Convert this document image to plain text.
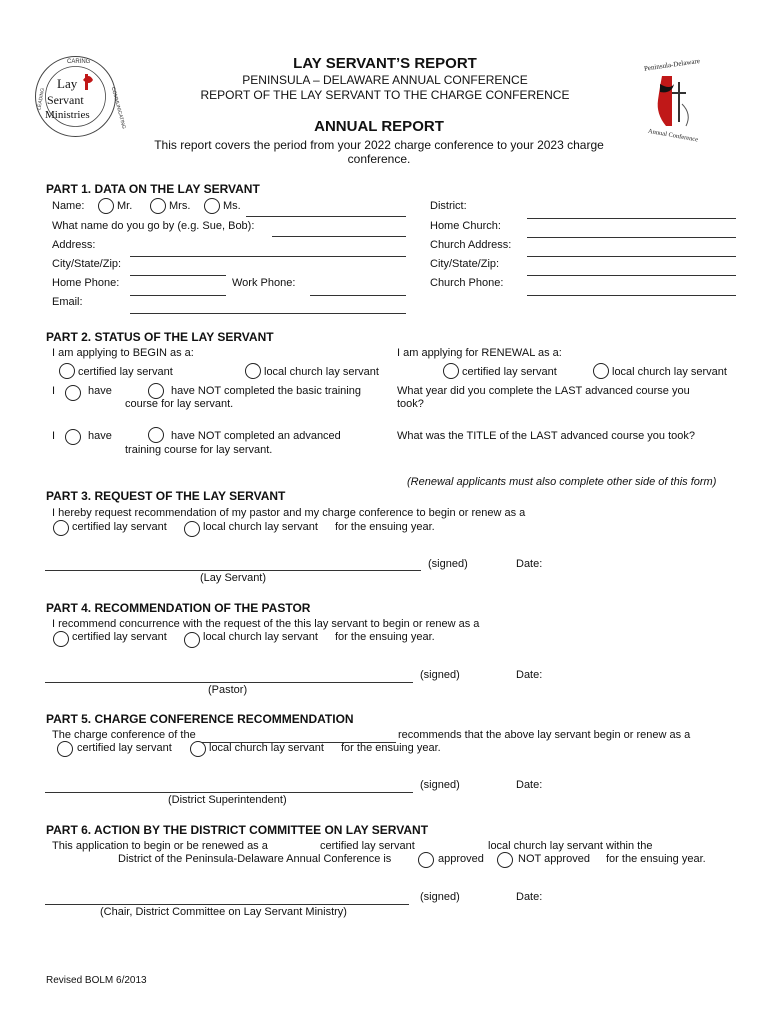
CARING
LEADING	COMMUNICATING
Lay
Servant
Ministries
Peninsula-Delaware
Annual Conference
LAY SERVANT’S REPORT
PENINSULA – DELAWARE ANNUAL CONFERENCE
REPORT OF THE LAY SERVANT TO THE CHARGE CONFERENCE
ANNUAL REPORT
This report covers the period from your 2022 charge conference to your 2023 charge
conference.
PART 1. DATA ON THE LAY SERVANT
Name:	Mr.	Mrs.	Ms.
What name do you go by (e.g. Sue, Bob):
Address:
City/State/Zip:
Home Phone:	Work Phone:
Email:
District:
Home Church:
Church Address:
City/State/Zip:
Church Phone:
PART 2. STATUS OF THE LAY SERVANT
I am applying to BEGIN as a:
certified lay servant	local church lay servant
I	have	have NOT completed the basic training
course for lay servant.
I	have	have NOT completed an advanced
training course for lay servant.
I am applying for RENEWAL as a:
certified lay servant	local church lay servant
What year did you complete the LAST advanced course you
took?
What was the TITLE of the LAST advanced course you took?
(Renewal applicants must also complete other side of this form)
PART 3. REQUEST OF THE LAY SERVANT
I hereby request recommendation of my pastor and my charge conference to begin or renew as a
certified lay servant	local church lay servant for the ensuing year.
(signed)	Date:
(Lay Servant)
PART 4. RECOMMENDATION OF THE PASTOR
I recommend concurrence with the request of the this lay servant to begin or renew as a
certified lay servant	local church lay servant for the ensuing year.
(signed)	Date:
(Pastor)
PART 5. CHARGE CONFERENCE RECOMMENDATION
The charge conference of the	recommends that the above lay servant begin or renew as a
certified lay servant	local church lay servant for the ensuing year.
(signed)	Date:
(District Superintendent)
PART 6. ACTION BY THE DISTRICT COMMITTEE ON LAY SERVANT
This application to begin or be renewed as a	certified lay servant	local church lay servant within the
District of the Peninsula-Delaware Annual Conference is	approved	NOT approved for the ensuing year.
(signed)	Date:
(Chair, District Committee on Lay Servant Ministry)
Revised BOLM 6/2013
